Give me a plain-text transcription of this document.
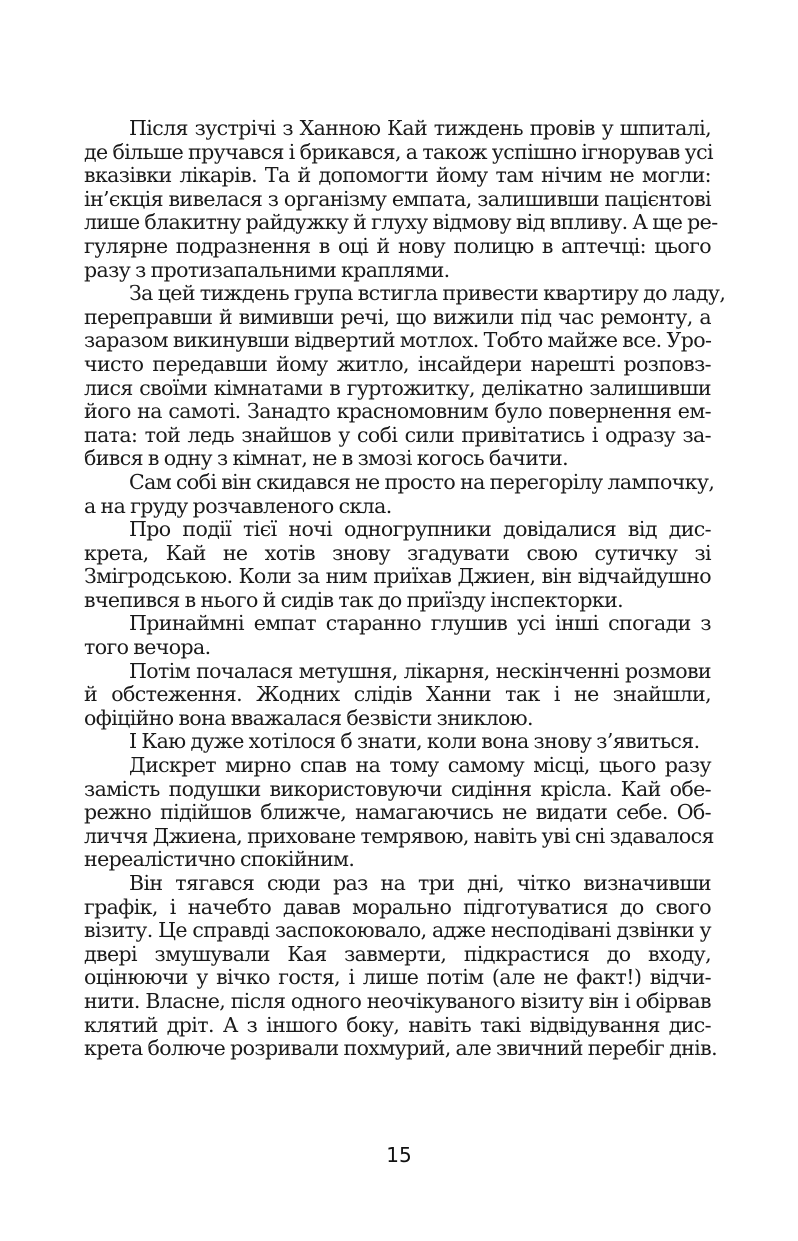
Після зустрічі з Ханною Кай тиждень провів у шпиталі,
де більше пручався і брикався, а також успішно ігнорував усі
вказівки лікарів. Та й допомогти йому там нічим не могли:
ін’єкція вивелася з організму емпата, залишивши пацієнтові
лише блакитну райдужку й глуху відмову від впливу. А ще ре-
гулярне подразнення в оці й нову полицю в аптечці: цього
разу з протизапальними краплями.
За цей тиждень група встигла привести квартиру до ладу,
переправши й вимивши речі, що вижили під час ремонту, а
заразом викинувши відвертий мотлох. Тобто майже все. Уро-
чисто передавши йому житло, інсайдери нарешті розповз-
лися своїми кімнатами в гуртожитку, делікатно залишивши
його на самоті. Занадто красномовним було повернення ем-
пата: той ледь знайшов у собі сили привітатись і одразу за-
бився в одну з кімнат, не в змозі когось бачити.
Сам собі він скидався не просто на перегорілу лампочку,
а на груду розчавленого скла.
Про події тієї ночі одногрупники довідалися від дис-
крета, Кай не хотів знову згадувати свою сутичку зі
Змігродською. Коли за ним приїхав Джиен, він відчайдушно
вчепився в нього й сидів так до приїзду інспекторки.
Принаймні емпат старанно глушив усі інші спогади з
того вечора.
Потім почалася метушня, лікарня, нескінченні розмови
й обстеження. Жодних слідів Ханни так і не знайшли,
офіційно вона вважалася безвісти зниклою.
І Каю дуже хотілося б знати, коли вона знову з’явиться.
Дискрет мирно спав на тому самому місці, цього разу
замість подушки використовуючи сидіння крісла. Кай обе-
режно підійшов ближче, намагаючись не видати себе. Об-
личчя Джиена, приховане темрявою, навіть уві сні здавалося
нереалістично спокійним.
Він тягався сюди раз на три дні, чітко визначивши
графік, і начебто давав морально підготуватися до свого
візиту. Це справді заспокоювало, адже несподівані дзвінки у
двері змушували Кая завмерти, підкрастися до входу,
оцінюючи у вічко гостя, і лише потім (але не факт!) відчи-
нити. Власне, після одного неочікуваного візиту він і обірвав
клятий дріт. А з іншого боку, навіть такі відвідування дис-
крета болюче розривали похмурий, але звичний перебіг днів.
15
